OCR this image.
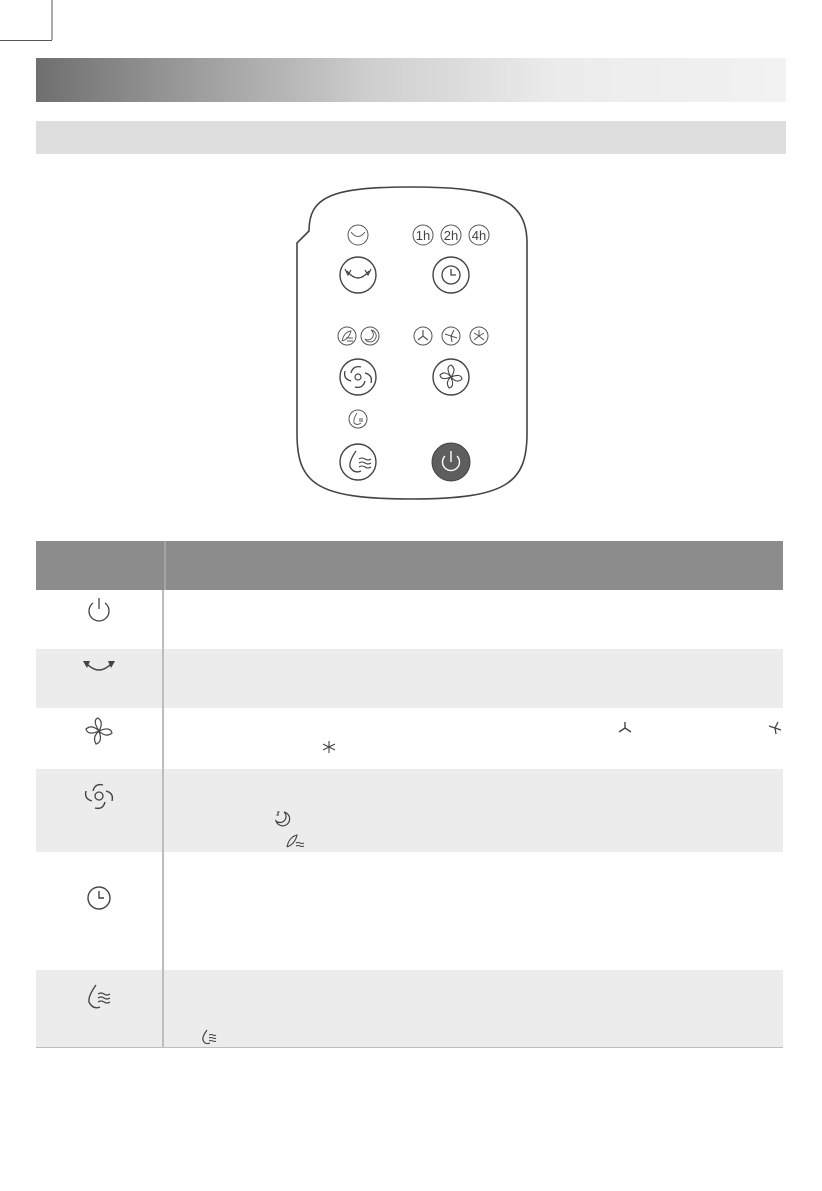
1h 2h 4h
